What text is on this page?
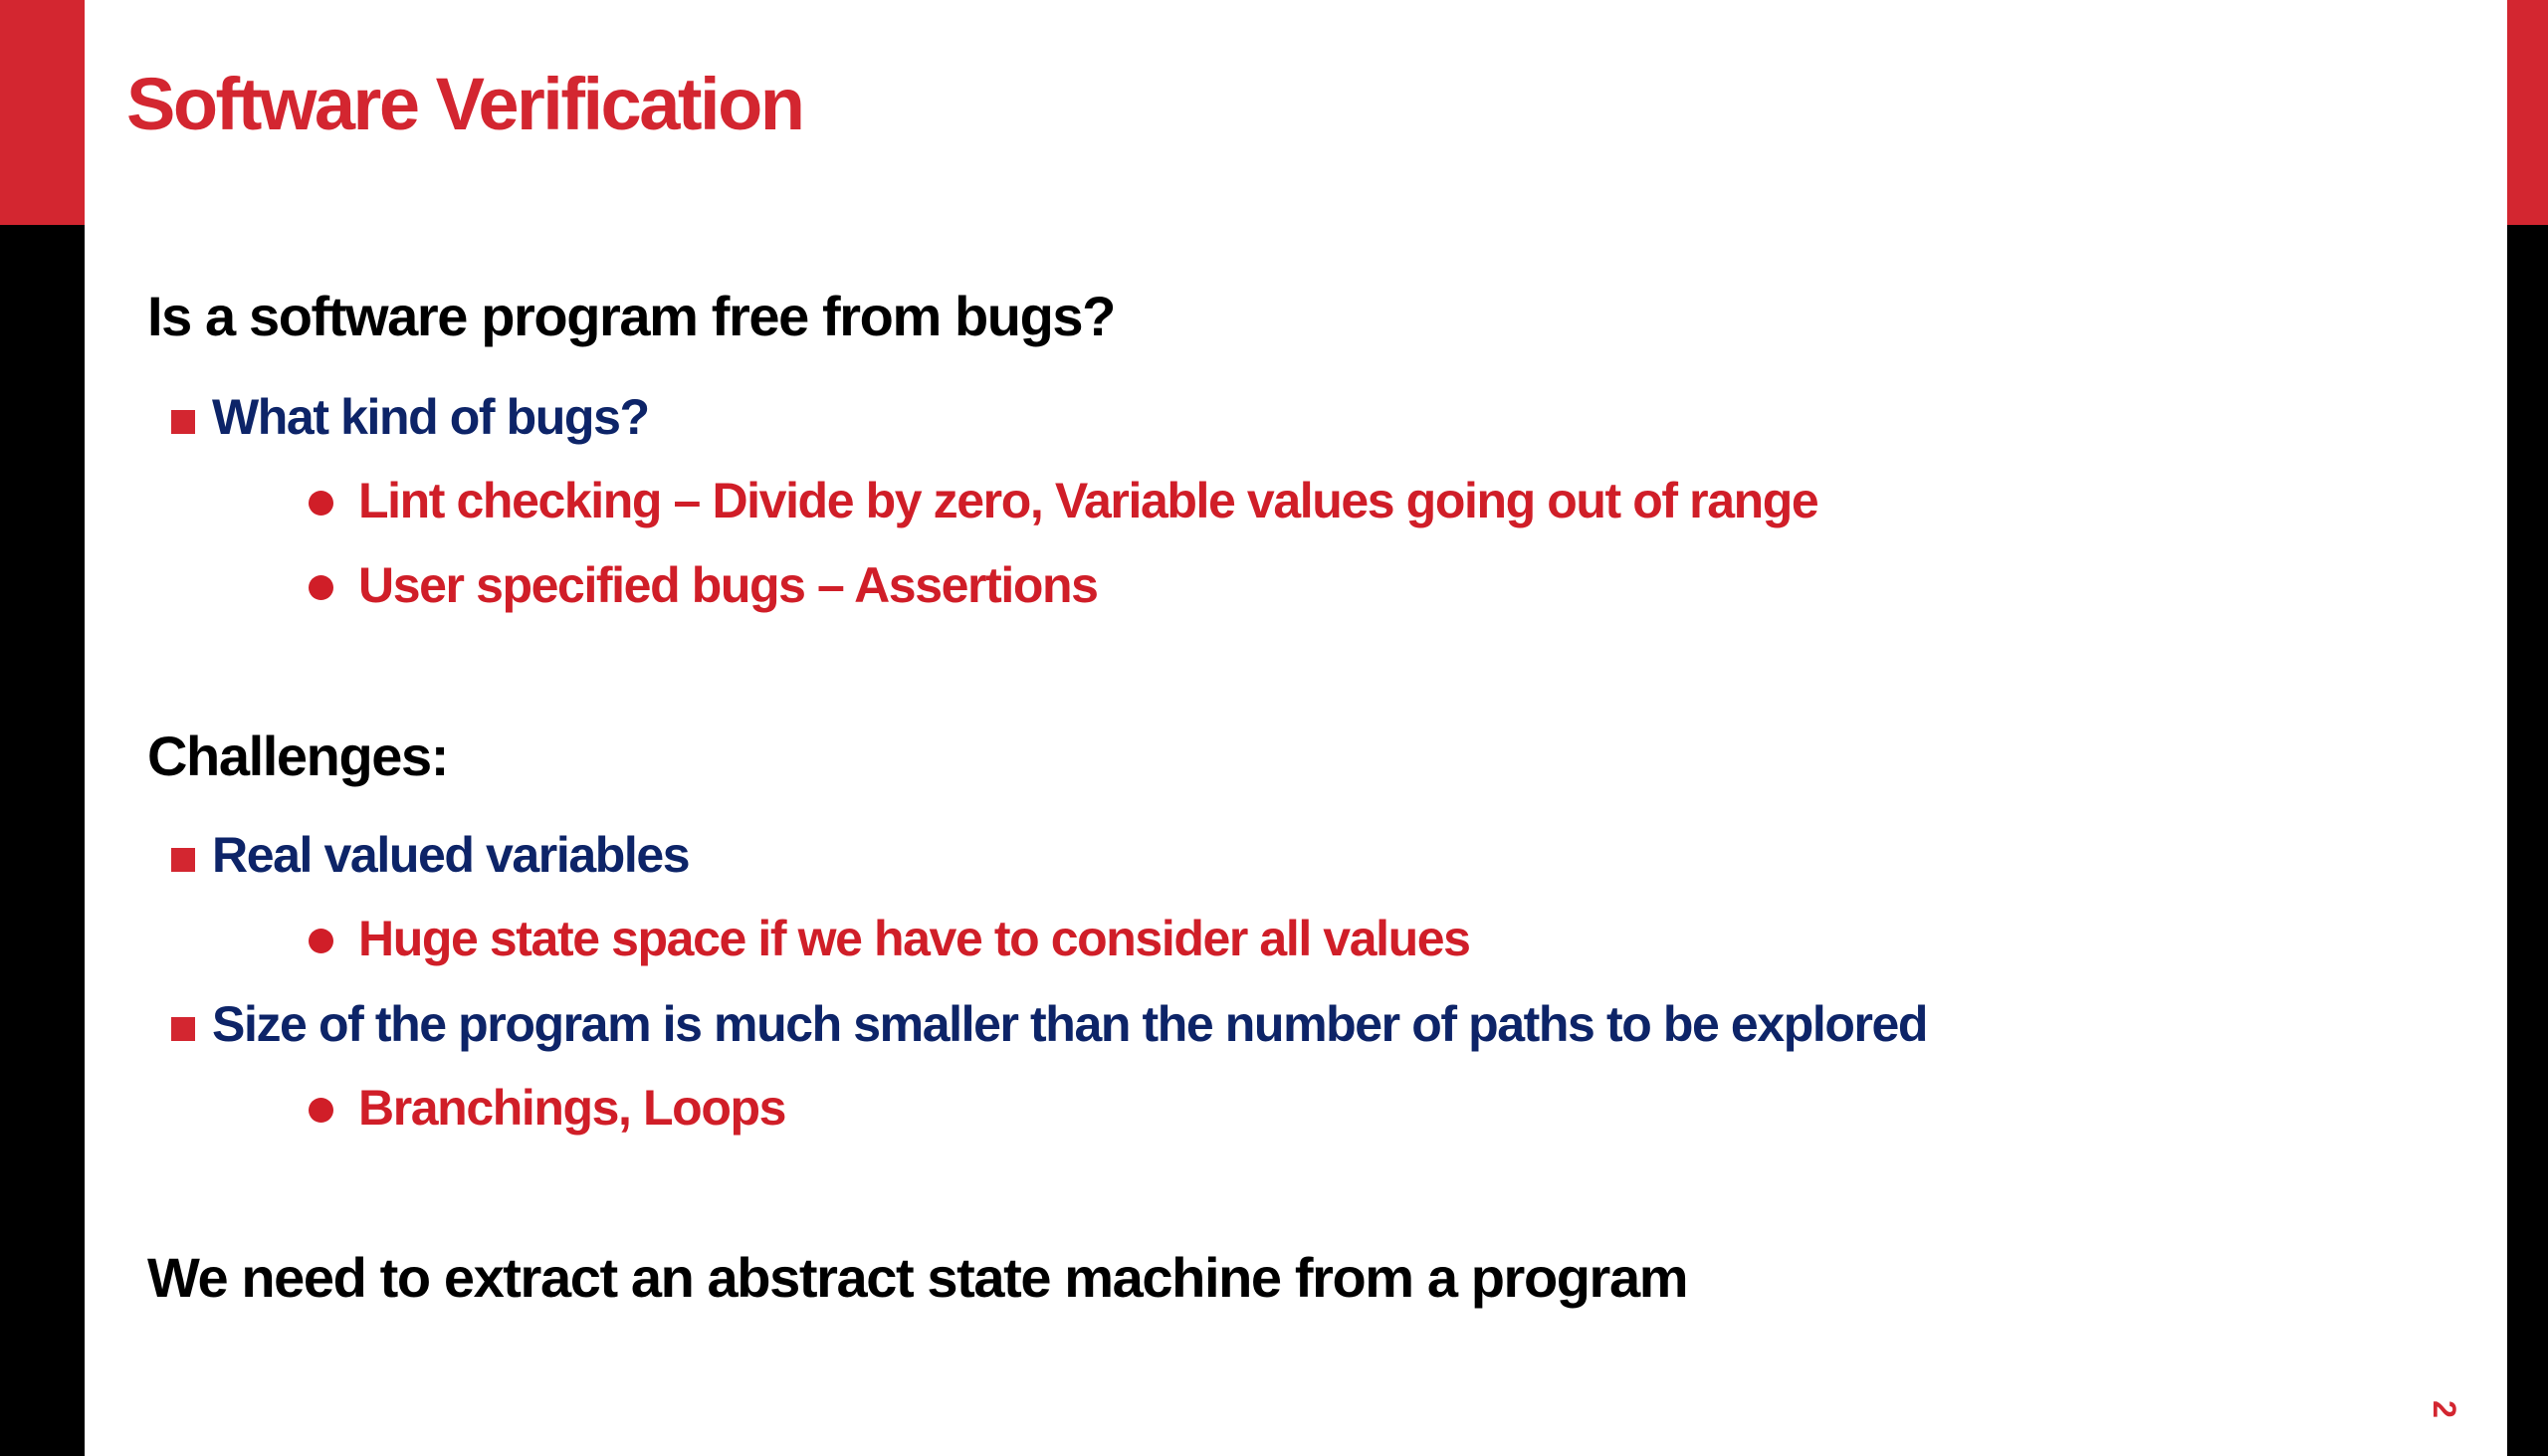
Software Verification
Is a software program free from bugs?
What kind of bugs?
Lint checking – Divide by zero, Variable values going out of range
User specified bugs – Assertions
Challenges:
Real valued variables
Huge state space if we have to consider all values
Size of the program is much smaller than the number of paths to be explored
Branchings, Loops
We need to extract an abstract state machine from a program
2
